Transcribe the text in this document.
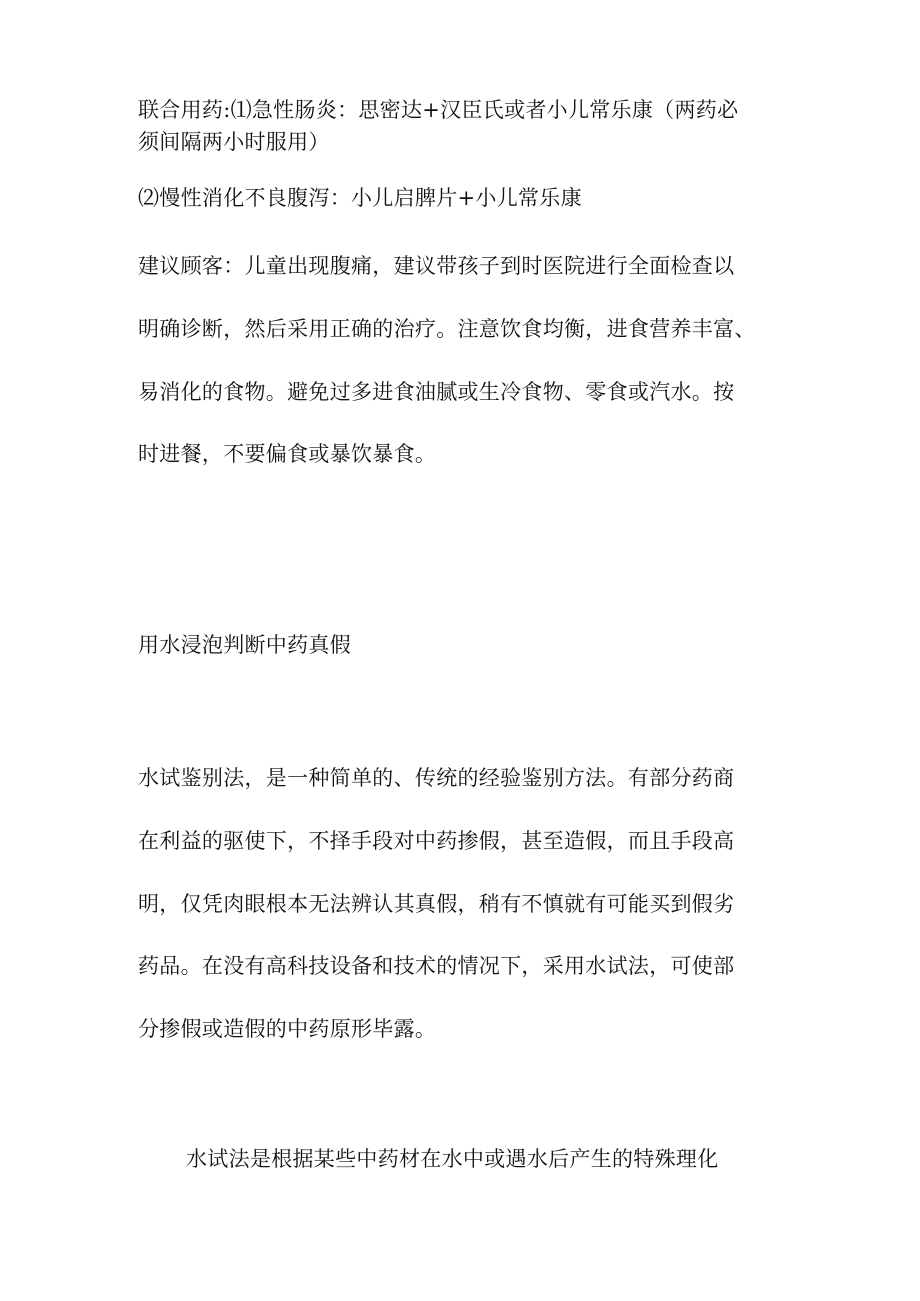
联合用药:⑴急性肠炎：思密达+汉臣氏或者小儿常乐康（两药必
须间隔两小时服用）
⑵慢性消化不良腹泻：小儿启脾片+小儿常乐康
建议顾客：儿童出现腹痛，建议带孩子到时医院进行全面检查以
明确诊断，然后采用正确的治疗。注意饮食均衡，进食营养丰富、
易消化的食物。避免过多进食油腻或生冷食物、零食或汽水。按
时进餐，不要偏食或暴饮暴食。
用水浸泡判断中药真假
水试鉴别法，是一种简单的、传统的经验鉴别方法。有部分药商
在利益的驱使下，不择手段对中药掺假，甚至造假，而且手段高
明，仅凭肉眼根本无法辨认其真假，稍有不慎就有可能买到假劣
药品。在没有高科技设备和技术的情况下，采用水试法，可使部
分掺假或造假的中药原形毕露。
水试法是根据某些中药材在水中或遇水后产生的特殊理化
